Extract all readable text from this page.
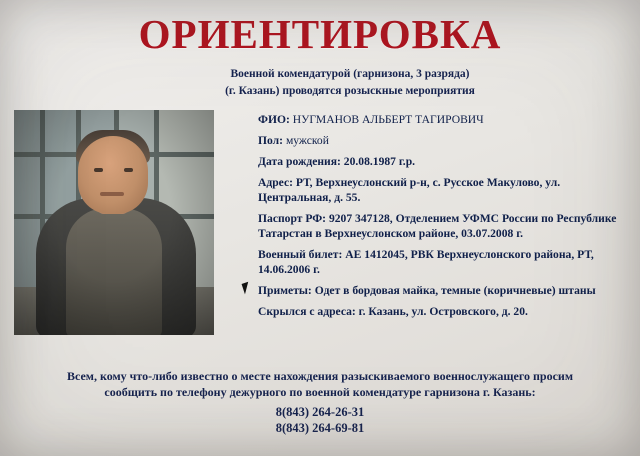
ОРИЕНТИРОВКА
Военной комендатурой (гарнизона, 3 разряда)
(г. Казань) проводятся розыскные мероприятия
ФИО: НУГМАНОВ АЛЬБЕРТ ТАГИРОВИЧ
Пол: мужской
Дата рождения: 20.08.1987 г.р.
Адрес: РТ, Верхнеуслонский р-н, с. Русское Макулово, ул. Центральная, д. 55.
Паспорт РФ: 9207 347128, Отделением УФМС России по Республике Татарстан в Верхнеуслонском районе, 03.07.2008 г.
Военный билет: АЕ 1412045, РВК Верхнеуслонского района, РТ, 14.06.2006 г.
Приметы: Одет в бордовая майка, темные (коричневые) штаны
Скрылся с адреса: г. Казань, ул. Островского, д. 20.
Всем, кому что-либо известно о месте нахождения разыскиваемого военнослужащего просим
сообщить по телефону дежурного по военной комендатуре гарнизона г. Казань:
8(843) 264-26-31
8(843) 264-69-81
